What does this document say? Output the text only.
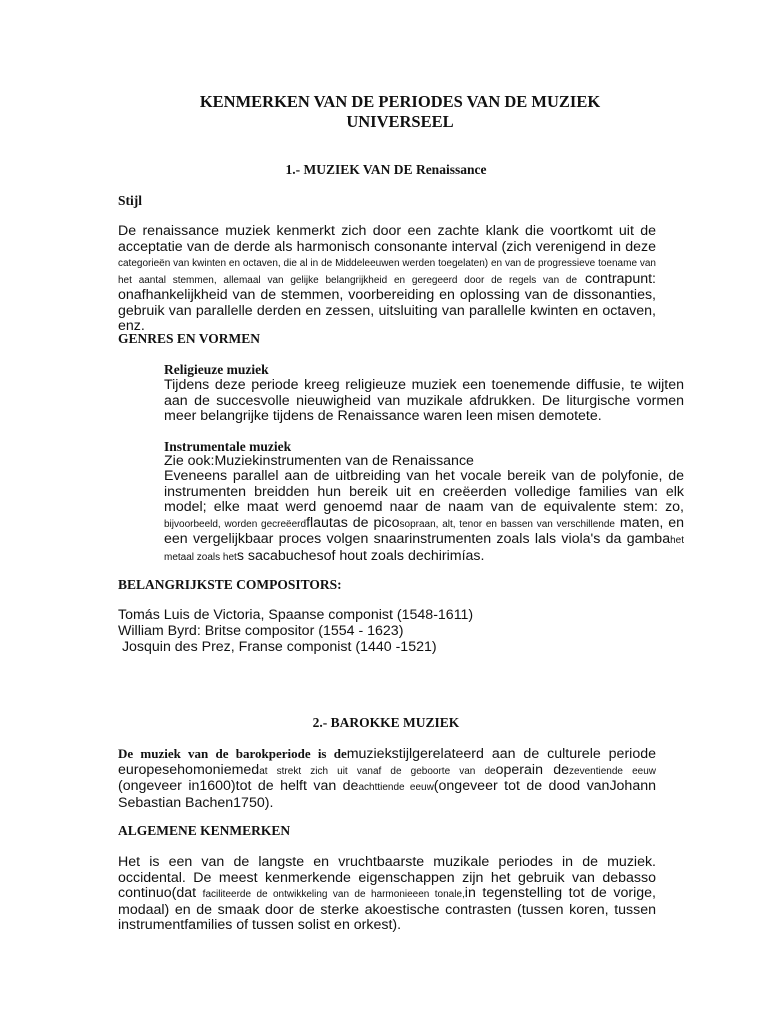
KENMERKEN VAN DE PERIODES VAN DE MUZIEK
UNIVERSEEL
1.- MUZIEK VAN DE Renaissance
Stijl
De renaissance muziek kenmerkt zich door een zachte klank die voortkomt uit de acceptatie van de derde als harmonisch consonante interval (zich verenigend in deze categorieën van kwinten en octaven, die al in de Middeleeuwen werden toegelaten) en van de progressieve toename van het aantal stemmen, allemaal van gelijke belangrijkheid en geregeerd door de regels van de contrapunt: onafhankelijkheid van de stemmen, voorbereiding en oplossing van de dissonanties, gebruik van parallelle derden en zessen, uitsluiting van parallelle kwinten en octaven, enz.
GENRES EN VORMEN
Religieuze muziek
Tijdens deze periode kreeg religieuze muziek een toenemende diffusie, te wijten aan de succesvolle nieuwigheid van muzikale afdrukken. De liturgische vormen meer belangrijke tijdens de Renaissance waren leen misen demotete.
Instrumentale muziek
Zie ook:Muziekinstrumenten van de Renaissance
Eveneens parallel aan de uitbreiding van het vocale bereik van de polyfonie, de instrumenten breidden hun bereik uit en creëerden volledige families van elk model; elke maat werd genoemd naar de naam van de equivalente stem: zo, bijvoorbeeld, worden gecreëerdflautas de picosopraan, alt, tenor en bassen van verschillende maten, en een vergelijkbaar proces volgen snaarinstrumenten zoals lals viola's da gambahet metaal zoals hets sacabuchesof hout zoals dechirimías.
BELANGRIJKSTE COMPOSITORS:
Tomás Luis de Victoria, Spaanse componist (1548-1611)
William Byrd: Britse compositor (1554 - 1623)
Josquin des Prez, Franse componist (1440 -1521)
2.- BAROKKE MUZIEK
De muziek van de barokperiode is demuziekstijlgerelateerd aan de culturele periode europesehomoniemedat strekt zich uit vanaf de geboorte van deoperain dezeventiende eeuw (ongeveer in1600)tot de helft van deachttiende eeuw(ongeveer tot de dood vanJohann Sebastian Bachen1750).
ALGEMENE KENMERKEN
Het is een van de langste en vruchtbaarste muzikale periodes in de muziek. occidental. De meest kenmerkende eigenschappen zijn het gebruik van debasso continuo(dat faciliteerde de ontwikkeling van de harmonieeen tonale,in tegenstelling tot de vorige, modaal) en de smaak door de sterke akoestische contrasten (tussen koren, tussen instrumentfamilies of tussen solist en orkest).
